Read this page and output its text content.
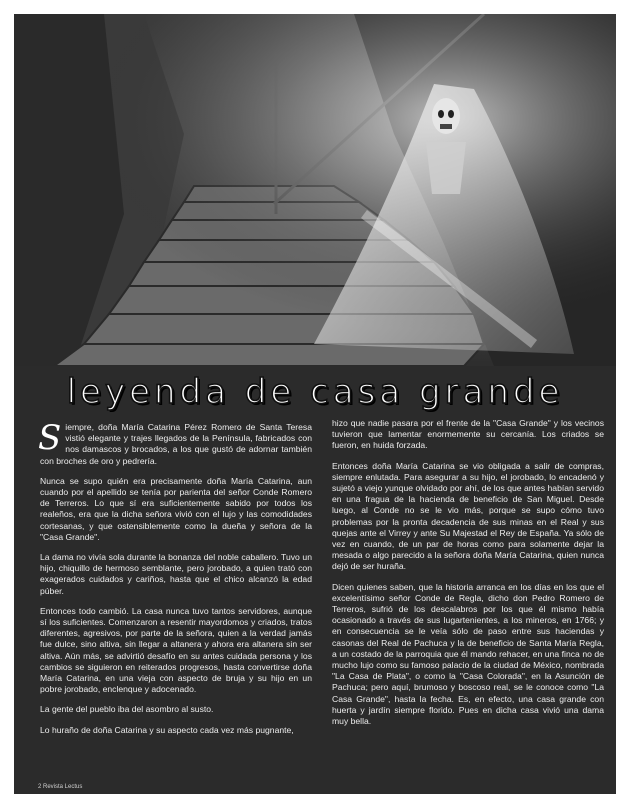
leyenda de casa grande

Siempre, doña María Catarina Pérez Romero de Santa Teresa vistió elegante y trajes llegados de la Península, fabricados con nos damascos y brocados, a los que gustó de adornar también con broches de oro y pedrería.

Nunca se supo quién era precisamente doña María Catarina, aun cuando por el apellido se tenía por parienta del señor Conde Romero de Terreros. Lo que sí era suficientemente sabido por todos los realeños, era que la dicha señora vivió con el lujo y las comodidades cortesanas, y que ostensiblemente como la dueña y señora de la "Casa Grande".

La dama no vivía sola durante la bonanza del noble caballero. Tuvo un hijo, chiquillo de hermoso semblante, pero jorobado, a quien trató con exagerados cuidados y cariños, hasta que el chico alcanzó la edad púber.

Entonces todo cambió. La casa nunca tuvo tantos servidores, aunque sí los suficientes. Comenzaron a resentir mayordomos y criados, tratos diferentes, agresivos, por parte de la señora, quien a la verdad jamás fue dulce, sino altiva, sin llegar a altanera y ahora era altanera sin ser altiva. Aún más, se advirtió desafío en su antes cuidada persona y los cambios se siguieron en reiterados progresos, hasta convertirse doña María Catarina, en una vieja con aspecto de bruja y su hijo en un pobre jorobado, enclenque y adocenado.

La gente del pueblo iba del asombro al susto.

Lo huraño de doña Catarina y su aspecto cada vez más pugnante,

hizo que nadie pasara por el frente de la "Casa Grande" y los vecinos tuvieron que lamentar enormemente su cercanía. Los criados se fueron, en huida forzada.

Entonces doña María Catarina se vio obligada a salir de compras, siempre enlutada. Para asegurar a su hijo, el jorobado, lo encadenó y sujetó a viejo yunque olvidado por ahí, de los que antes habían servido en una fragua de la hacienda de beneficio de San Miguel. Desde luego, al Conde no se le vio más, porque se supo cómo tuvo problemas por la pronta decadencia de sus minas en el Real y sus quejas ante el Virrey y ante Su Majestad el Rey de España. Ya sólo de vez en cuando, de un par de horas como para solamente dejar la mesada o algo parecido a la señora doña María Catarina, quien nunca dejó de ser huraña.

Dicen quienes saben, que la historia arranca en los días en los que el excelentísimo señor Conde de Regla, dicho don Pedro Romero de Terreros, sufrió de los descalabros por los que él mismo había ocasionado a través de sus lugartenientes, a los mineros, en 1766; y en consecuencia se le veía sólo de paso entre sus haciendas y casonas del Real de Pachuca y la de beneficio de Santa María Regla, a un costado de la parroquia que él mando rehacer, en una finca no de mucho lujo como su famoso palacio de la ciudad de México, nombrada "La Casa de Plata", o como la "Casa Colorada", en la Asunción de Pachuca; pero aquí, brumoso y boscoso real, se le conoce como "La Casa Grande", hasta la fecha. Es, en efecto, una casa grande con huerta y jardín siempre florido. Pues en dicha casa vivió una dama muy bella.

2 Revista Lectus
